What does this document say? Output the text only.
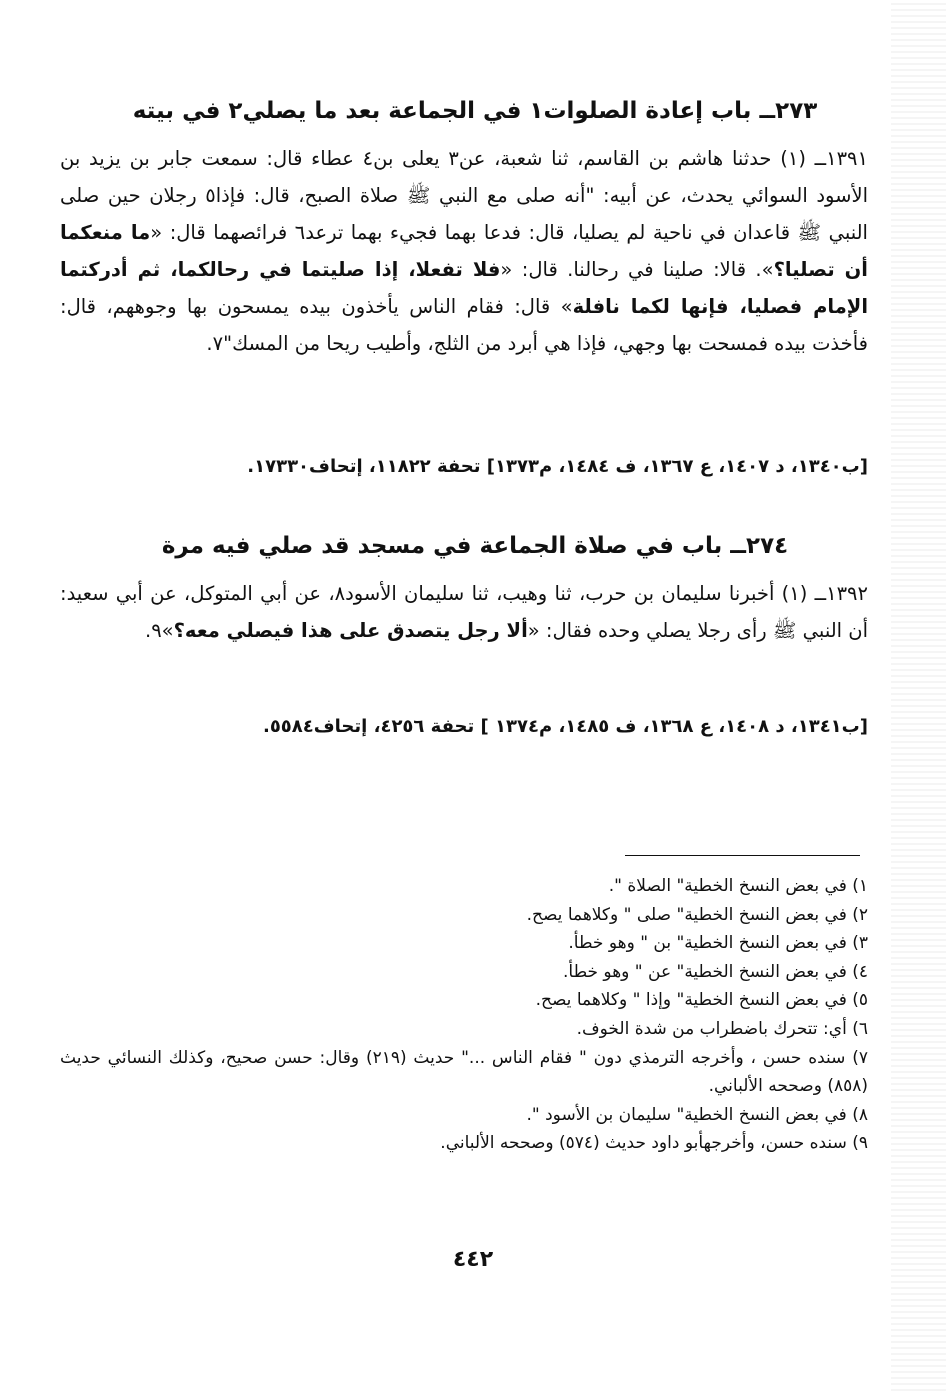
٢٧٣ــ باب إعادة الصلوات١ في الجماعة بعد ما يصلي٢ في بيته
١٣٩١ــ (١) حدثنا هاشم بن القاسم، ثنا شعبة، عن٣ يعلى بن٤ عطاء قال: سمعت جابر بن يزيد بن الأسود السوائي يحدث، عن أبيه: "أنه صلى مع النبي ﷺ صلاة الصبح، قال: فإذا٥ رجلان حين صلى النبي ﷺ قاعدان في ناحية لم يصليا، قال: فدعا بهما فجيء بهما ترعد٦ فرائصهما قال: «ما منعكما أن تصليا؟». قالا: صلينا في رحالنا. قال: «فلا تفعلا، إذا صليتما في رحالكما، ثم أدركتما الإمام فصليا، فإنها لكما نافلة» قال: فقام الناس يأخذون بيده يمسحون بها وجوههم، قال: فأخذت بيده فمسحت بها وجهي، فإذا هي أبرد من الثلج، وأطيب ريحا من المسك"٧.
[ب١٣٤٠، د ١٤٠٧، ع ١٣٦٧، ف ١٤٨٤، م١٣٧٣] تحفة ١١٨٢٢، إتحاف١٧٣٣٠.
٢٧٤ــ باب في صلاة الجماعة في مسجد قد صلي فيه مرة
١٣٩٢ــ (١) أخبرنا سليمان بن حرب، ثنا وهيب، ثنا سليمان الأسود٨، عن أبي المتوكل، عن أبي سعيد: أن النبي ﷺ رأى رجلا يصلي وحده فقال: «ألا رجل يتصدق على هذا فيصلي معه؟»٩.
[ب١٣٤١، د ١٤٠٨، ع ١٣٦٨، ف ١٤٨٥، م١٣٧٤ ] تحفة ٤٢٥٦، إتحاف٥٥٨٤.
١) في بعض النسخ الخطية" الصلاة ".
٢) في بعض النسخ الخطية" صلى " وكلاهما يصح.
٣) في بعض النسخ الخطية" بن " وهو خطأ.
٤) في بعض النسخ الخطية" عن " وهو خطأ.
٥) في بعض النسخ الخطية" وإذا " وكلاهما يصح.
٦) أي: تتحرك باضطراب من شدة الخوف.
٧) سنده حسن ، وأخرجه الترمذي دون " فقام الناس ..." حديث (٢١٩) وقال: حسن صحيح، وكذلك النسائي حديث (٨٥٨) وصححه الألباني.
٨) في بعض النسخ الخطية" سليمان بن الأسود ".
٩) سنده حسن، وأخرجهأبو داود حديث (٥٧٤) وصححه الألباني.
٤٤٢
